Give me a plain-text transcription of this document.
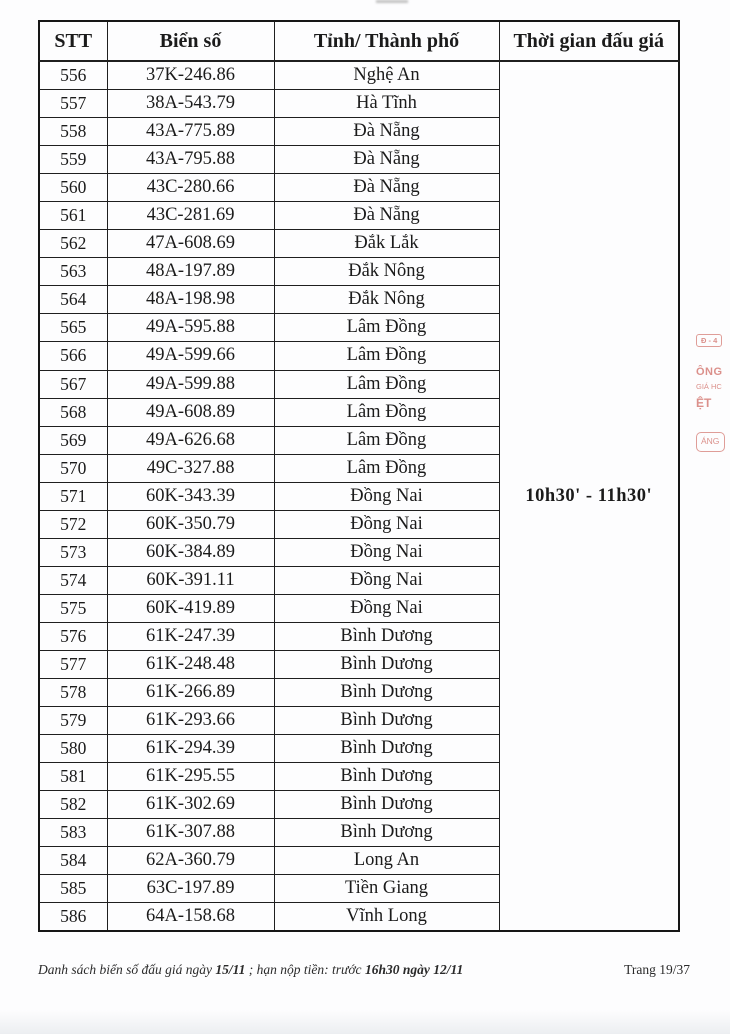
STT	Biển số	Tỉnh/ Thành phố	Thời gian đấu giá
556	37K-246.86	Nghệ An	10h30' - 11h30'
557	38A-543.79	Hà Tĩnh	
558	43A-775.89	Đà Nẵng	
559	43A-795.88	Đà Nẵng	
560	43C-280.66	Đà Nẵng	
561	43C-281.69	Đà Nẵng	
562	47A-608.69	Đắk Lắk	
563	48A-197.89	Đắk Nông	
564	48A-198.98	Đắk Nông	
565	49A-595.88	Lâm Đồng	
566	49A-599.66	Lâm Đồng	
567	49A-599.88	Lâm Đồng	
568	49A-608.89	Lâm Đồng	
569	49A-626.68	Lâm Đồng	
570	49C-327.88	Lâm Đồng	
571	60K-343.39	Đồng Nai	
572	60K-350.79	Đồng Nai	
573	60K-384.89	Đồng Nai	
574	60K-391.11	Đồng Nai	
575	60K-419.89	Đồng Nai	
576	61K-247.39	Bình Dương	
577	61K-248.48	Bình Dương	
578	61K-266.89	Bình Dương	
579	61K-293.66	Bình Dương	
580	61K-294.39	Bình Dương	
581	61K-295.55	Bình Dương	
582	61K-302.69	Bình Dương	
583	61K-307.88	Bình Dương	
584	62A-360.79	Long An	
585	63C-197.89	Tiền Giang	
586	64A-158.68	Vĩnh Long	
Danh sách biển số đấu giá ngày 15/11 ; hạn nộp tiền: trước 16h30 ngày 12/11	Trang 19/37
Đ - 4
ÔNG
GIÁ HC
ỆT
ÁNG
